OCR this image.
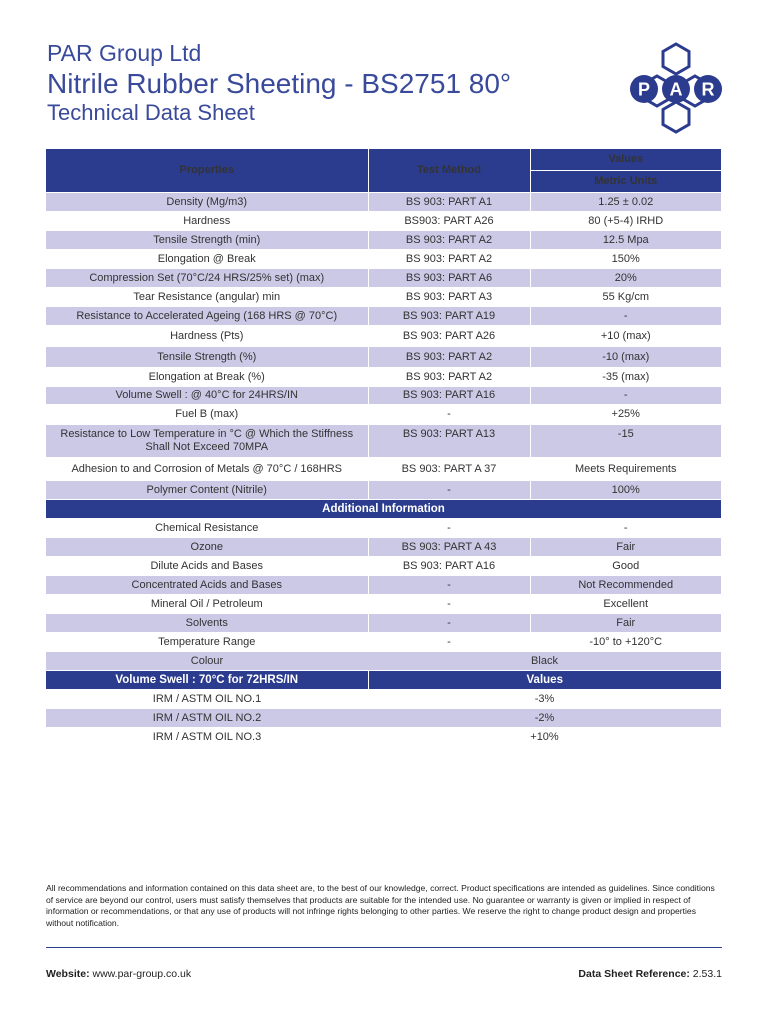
PAR Group Ltd
Nitrile Rubber Sheeting - BS2751 80°
Technical Data Sheet
P A R
Properties	Test Method	Values
		Metric Units
Density (Mg/m3)	BS 903: PART A1	1.25 ± 0.02
Hardness	BS903: PART A26	80 (+5-4) IRHD
Tensile Strength (min)	BS 903: PART A2	12.5 Mpa
Elongation @ Break	BS 903: PART A2	150%
Compression Set (70°C/24 HRS/25% set) (max)	BS 903: PART A6	20%
Tear Resistance (angular) min	BS 903: PART A3	55 Kg/cm
Resistance to Accelerated Ageing (168 HRS @ 70°C)	BS 903: PART A19	-
Hardness (Pts)	BS 903: PART A26	+10 (max)
Tensile Strength (%)	BS 903: PART A2	-10 (max)
Elongation at Break (%)	BS 903: PART A2	-35 (max)
Volume Swell : @ 40°C for 24HRS/IN	BS 903: PART A16	-
Fuel B (max)	-	+25%
Resistance to Low Temperature in °C @ Which the Stiffness Shall Not Exceed 70MPA	BS 903: PART A13	-15
Adhesion to and Corrosion of Metals @ 70°C / 168HRS	BS 903: PART A 37	Meets Requirements
Polymer Content (Nitrile)	-	100%
Additional Information		
Chemical Resistance	-	-
Ozone	BS 903: PART A 43	Fair
Dilute Acids and Bases	BS 903: PART A16	Good
Concentrated Acids and Bases	-	Not Recommended
Mineral Oil / Petroleum	-	Excellent
Solvents	-	Fair
Temperature Range	-	-10° to +120°C
Colour	Black	
Volume Swell : 70°C for 72HRS/IN	Values	
IRM / ASTM OIL NO.1	-3%	
IRM / ASTM OIL NO.2	-2%	
IRM / ASTM OIL NO.3	+10%	
All recommendations and information contained on this data sheet are, to the best of our knowledge, correct. Product specifications are intended as guidelines. Since conditions of service are beyond our control, users must satisfy themselves that products are suitable for the intended use. No guarantee or warranty is given or implied in respect of information or recommendations, or that any use of products will not infringe rights belonging to other parties. We reserve the right to change product design and properties without notification.
Website: www.par-group.co.uk	Data Sheet Reference: 2.53.1
